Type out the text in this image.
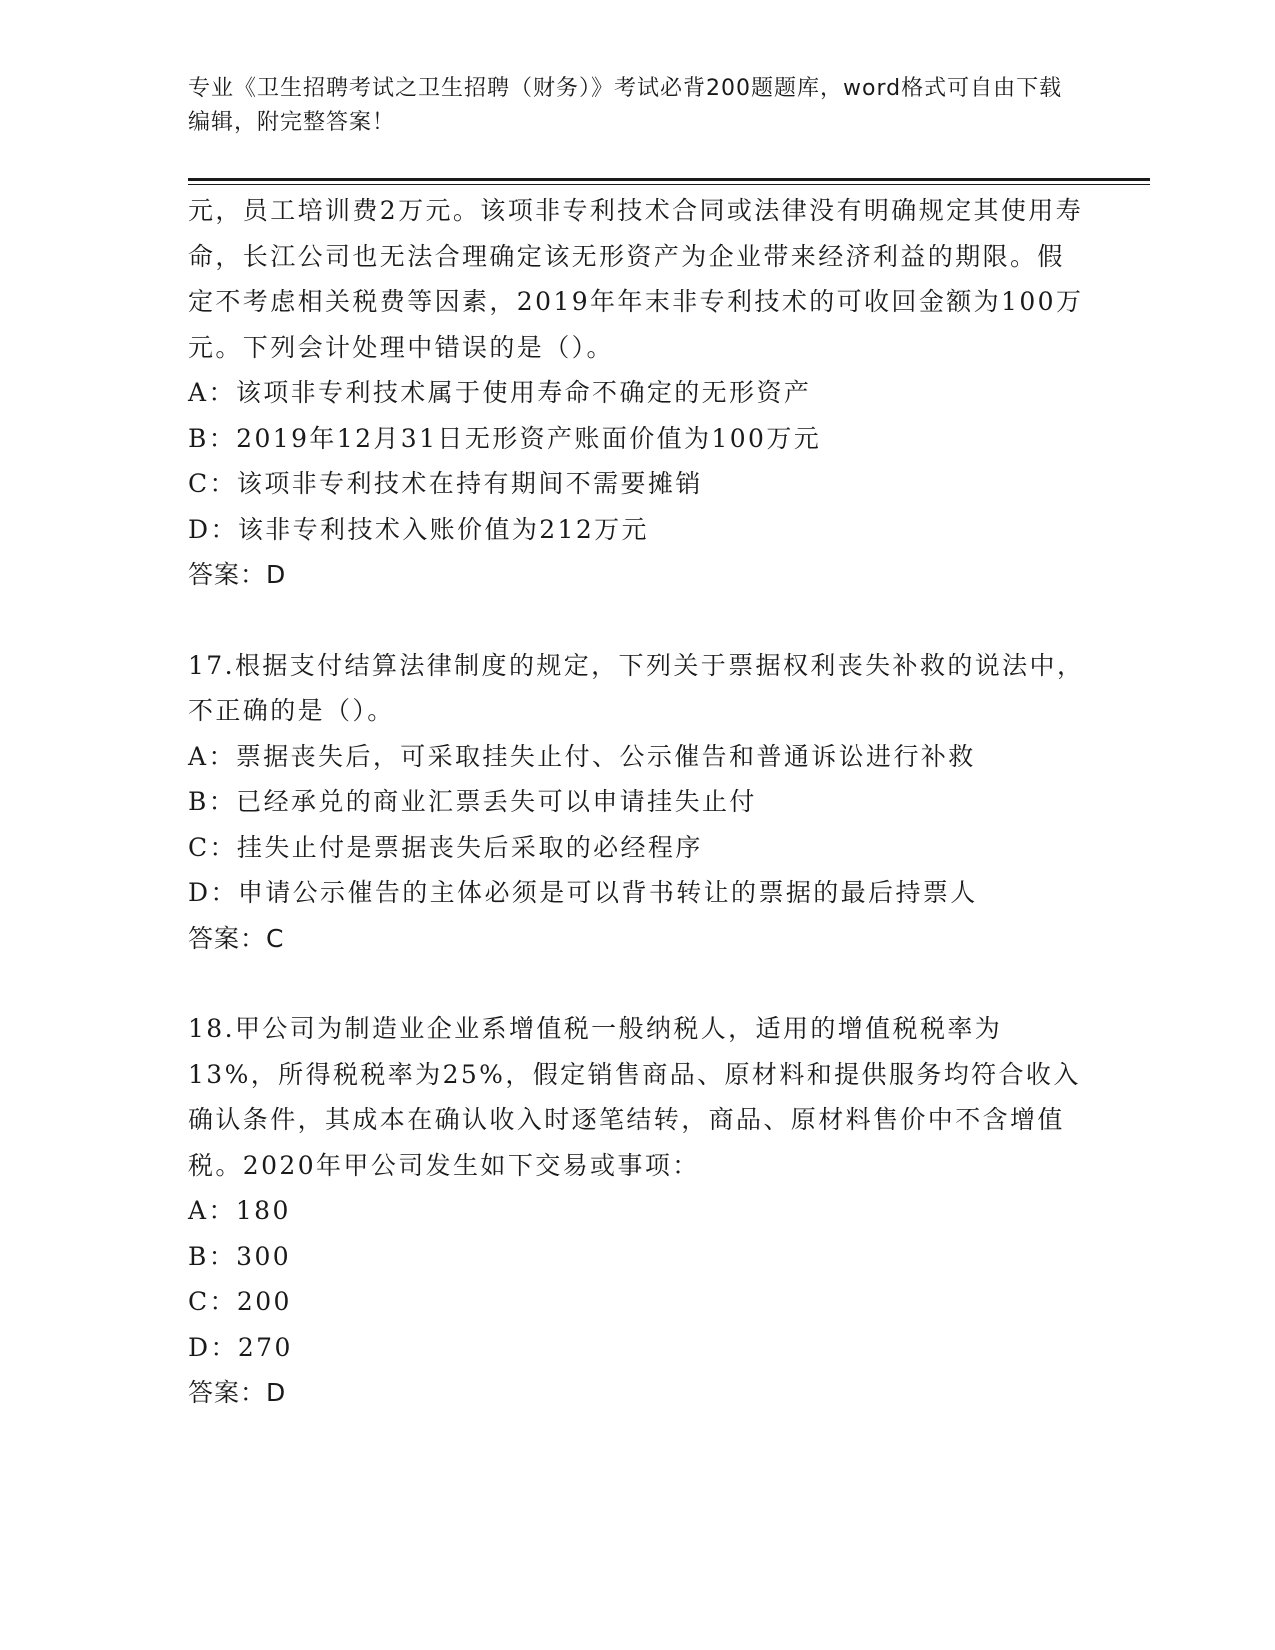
专业《卫生招聘考试之卫生招聘（财务）》考试必背200题题库，word格式可自由下载编辑，附完整答案！

元，员工培训费2万元。该项非专利技术合同或法律没有明确规定其使用寿命，长江公司也无法合理确定该无形资产为企业带来经济利益的期限。假定不考虑相关税费等因素，2019年年末非专利技术的可收回金额为100万元。下列会计处理中错误的是（）。

A：该项非专利技术属于使用寿命不确定的无形资产

B：2019年12月31日无形资产账面价值为100万元

C：该项非专利技术在持有期间不需要摊销

D：该非专利技术入账价值为212万元

答案：D

17.根据支付结算法律制度的规定，下列关于票据权利丧失补救的说法中，不正确的是（）。

A：票据丧失后，可采取挂失止付、公示催告和普通诉讼进行补救

B：已经承兑的商业汇票丢失可以申请挂失止付

C：挂失止付是票据丧失后采取的必经程序

D：申请公示催告的主体必须是可以背书转让的票据的最后持票人

答案：C

18.甲公司为制造业企业系增值税一般纳税人，适用的增值税税率为13%，所得税税率为25%，假定销售商品、原材料和提供服务均符合收入确认条件，其成本在确认收入时逐笔结转，商品、原材料售价中不含增值税。2020年甲公司发生如下交易或事项：

A：180

B：300

C：200

D：270

答案：D
